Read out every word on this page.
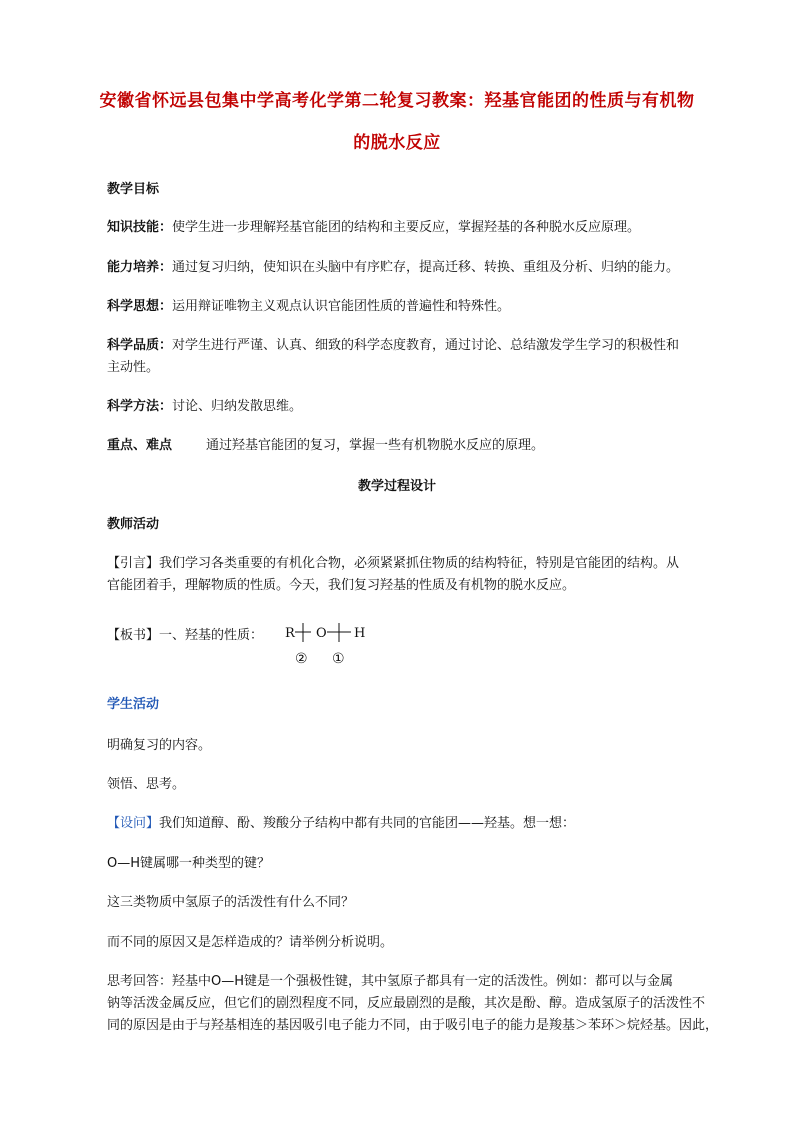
安徽省怀远县包集中学高考化学第二轮复习教案：羟基官能团的性质与有机物
的脱水反应
教学目标
知识技能：使学生进一步理解羟基官能团的结构和主要反应，掌握羟基的各种脱水反应原理。
能力培养：通过复习归纳，使知识在头脑中有序贮存，提高迁移、转换、重组及分析、归纳的能力。
科学思想：运用辩证唯物主义观点认识官能团性质的普遍性和特殊性。
科学品质：对学生进行严谨、认真、细致的科学态度教育，通过讨论、总结激发学生学习的积极性和
主动性。
科学方法：讨论、归纳发散思维。
重点、难点	通过羟基官能团的复习，掌握一些有机物脱水反应的原理。
教学过程设计
教师活动
【引言】我们学习各类重要的有机化合物，必须紧紧抓住物质的结构特征，特别是官能团的结构。从
官能团着手，理解物质的性质。今天，我们复习羟基的性质及有机物的脱水反应。
【板书】一、羟基的性质：	R O H
② ①
学生活动
明确复习的内容。
领悟、思考。
【设问】我们知道醇、酚、羧酸分子结构中都有共同的官能团——羟基。想一想：
O—H键属哪一种类型的键？
这三类物质中氢原子的活泼性有什么不同？
而不同的原因又是怎样造成的？请举例分析说明。
思考回答：羟基中O—H键是一个强极性键，其中氢原子都具有一定的活泼性。例如：都可以与金属
钠等活泼金属反应，但它们的剧烈程度不同，反应最剧烈的是酸，其次是酚、醇。造成氢原子的活泼性不
同的原因是由于与羟基相连的基因吸引电子能力不同，由于吸引电子的能力是羧基＞苯环＞烷烃基。因此，
